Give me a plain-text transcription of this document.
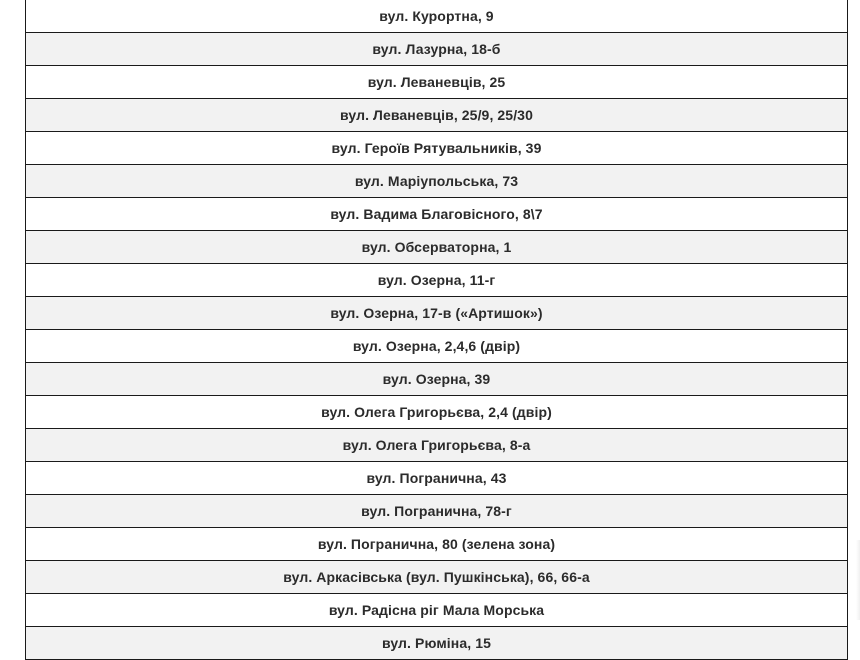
вул. Курортна, 9
вул. Лазурна, 18-б
вул. Леваневців, 25
вул. Леваневців, 25/9, 25/30
вул. Героїв Рятувальників, 39
вул. Маріупольська, 73
вул. Вадима Благовісного, 8\7
вул. Обсерваторна, 1
вул. Озерна, 11-г
вул. Озерна, 17-в («Артишок»)
вул. Озерна, 2,4,6 (двір)
вул. Озерна, 39
вул. Олега Григорьєва, 2,4 (двір)
вул. Олега Григорьєва, 8-а
вул. Погранична, 43
вул. Погранична, 78-г
вул. Погранична, 80 (зелена зона)
вул. Аркасівська (вул. Пушкінська), 66, 66-а
вул. Радісна ріг Мала Морська
вул. Рюміна, 15
